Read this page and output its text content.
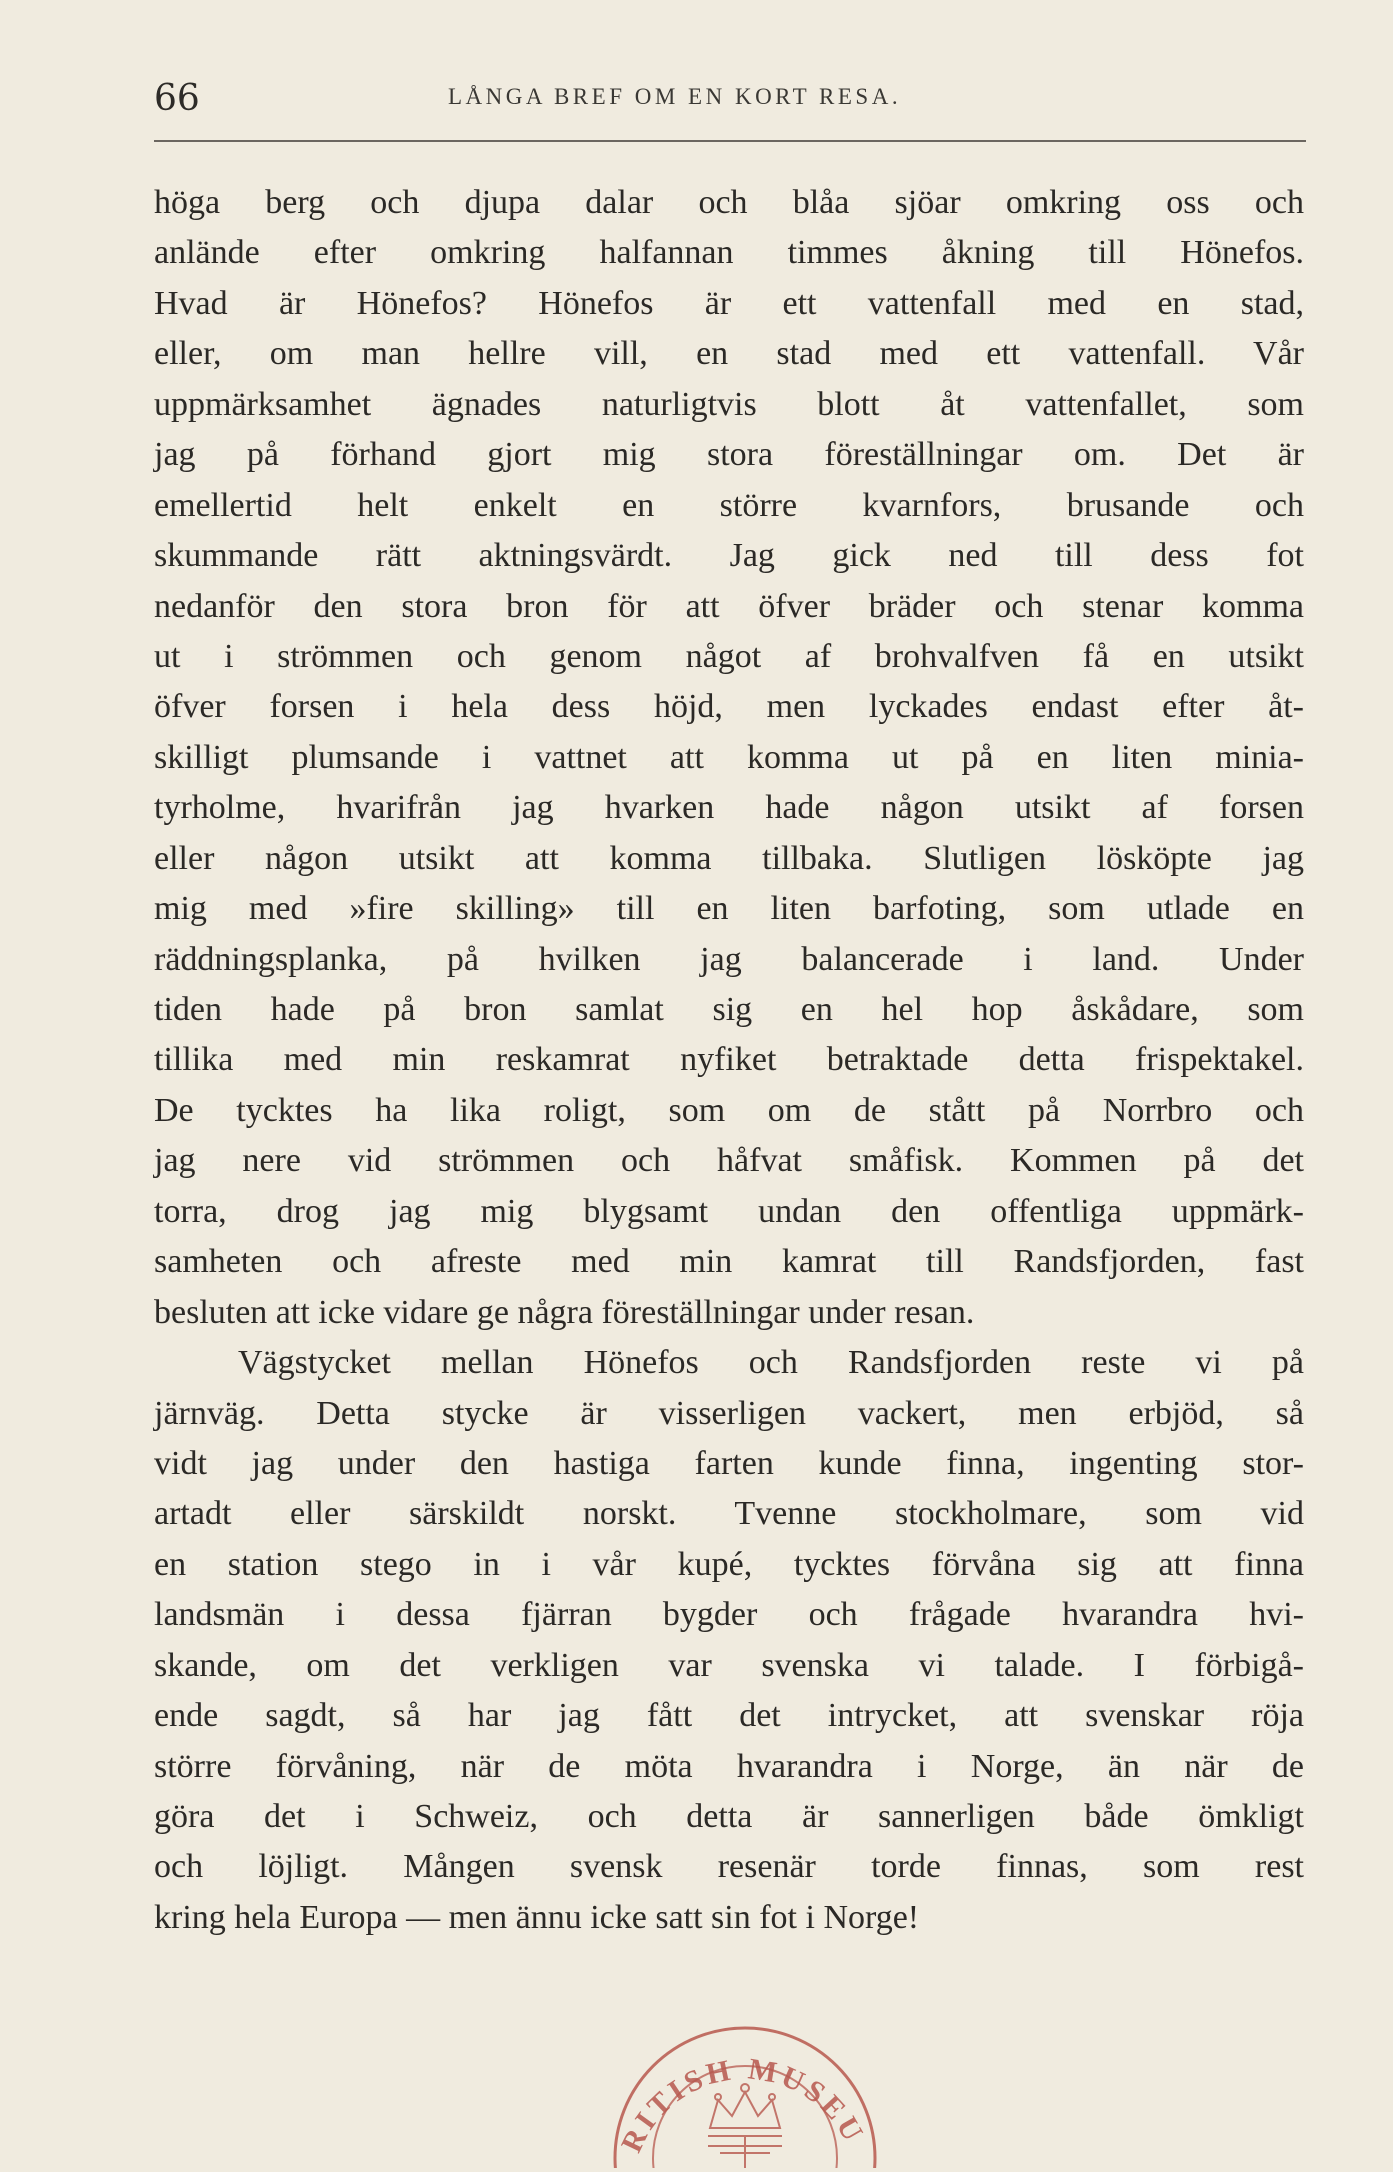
66	LÅNGA BREF OM EN KORT RESA.
höga berg och djupa dalar och blåa sjöar omkring oss och
anlände efter omkring halfannan timmes åkning till Hönefos.
Hvad är Hönefos? Hönefos är ett vattenfall med en stad,
eller, om man hellre vill, en stad med ett vattenfall. Vår
uppmärksamhet ägnades naturligtvis blott åt vattenfallet, som
jag på förhand gjort mig stora föreställningar om. Det är
emellertid helt enkelt en större kvarnfors, brusande och
skummande rätt aktningsvärdt. Jag gick ned till dess fot
nedanför den stora bron för att öfver bräder och stenar komma
ut i strömmen och genom något af brohvalfven få en utsikt
öfver forsen i hela dess höjd, men lyckades endast efter åt-
skilligt plumsande i vattnet att komma ut på en liten minia-
tyrholme, hvarifrån jag hvarken hade någon utsikt af forsen
eller någon utsikt att komma tillbaka. Slutligen lösköpte jag
mig med »fire skilling» till en liten barfoting, som utlade en
räddningsplanka, på hvilken jag balancerade i land. Under
tiden hade på bron samlat sig en hel hop åskådare, som
tillika med min reskamrat nyfiket betraktade detta frispektakel.
De tycktes ha lika roligt, som om de stått på Norrbro och
jag nere vid strömmen och håfvat småfisk. Kommen på det
torra, drog jag mig blygsamt undan den offentliga uppmärk-
samheten och afreste med min kamrat till Randsfjorden, fast
besluten att icke vidare ge några föreställningar under resan.
Vägstycket mellan Hönefos och Randsfjorden reste vi på
järnväg. Detta stycke är visserligen vackert, men erbjöd, så
vidt jag under den hastiga farten kunde finna, ingenting stor-
artadt eller särskildt norskt. Tvenne stockholmare, som vid
en station stego in i vår kupé, tycktes förvåna sig att finna
landsmän i dessa fjärran bygder och frågade hvarandra hvi-
skande, om det verkligen var svenska vi talade. I förbigå-
ende sagdt, så har jag fått det intrycket, att svenskar röja
större förvåning, när de möta hvarandra i Norge, än när de
göra det i Schweiz, och detta är sannerligen både ömkligt
och löjligt. Mången svensk resenär torde finnas, som rest
kring hela Europa — men ännu icke satt sin fot i Norge!
RITISH MUSEU
